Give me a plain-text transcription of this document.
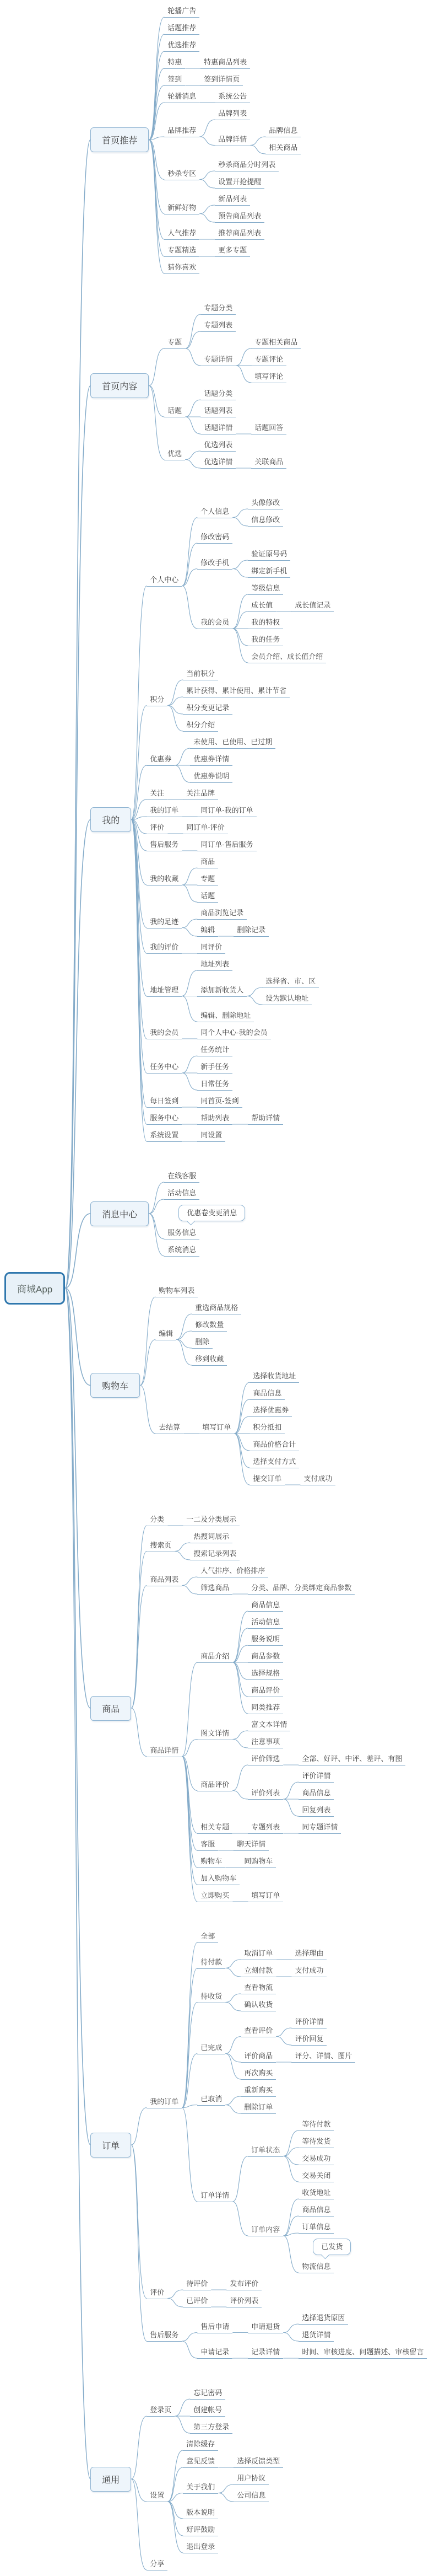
商城App
首页推荐
轮播广告
话题推荐
优选推荐
特惠	特惠商品列表
签到	签到详情页
轮播消息	系统公告
品牌推荐
品牌列表
品牌详情
品牌信息
相关商品
秒杀专区
秒杀商品分时列表
设置开抢提醒
新鲜好物
新品列表
预告商品列表
人气推荐	推荐商品列表
专题精选	更多专题
猜你喜欢
首页内容
专题
专题分类
专题列表
专题详情
专题相关商品
专题评论
填写评论
话题
话题分类
话题列表
话题详情	话题回答
优选
优选列表
优选详情	关联商品
我的
个人中心
个人信息
头像修改
信息修改
修改密码
修改手机
验证原号码
绑定新手机
我的会员
等级信息
成长值	成长值记录
我的特权
我的任务
会员介绍、成长值介绍
积分
当前积分
累计获得、累计使用、累计节省
积分变更记录
积分介绍
优惠券
未使用、已使用、已过期
优惠券详情
优惠券说明
关注	关注品牌
我的订单	同订单-我的订单
评价	同订单-评价
售后服务	同订单-售后服务
我的收藏
商品
专题
话题
我的足迹
商品浏览记录
编辑	删除记录
我的评价	同评价
地址管理
地址列表
添加新收货人
选择省、市、区
设为默认地址
编辑、删除地址
我的会员	同个人中心-我的会员
任务中心
任务统计
新手任务
日常任务
每日签到	同首页-签到
服务中心	帮助列表	帮助详情
系统设置	同设置
消息中心
在线客服
活动信息
优惠卷变更消息
服务信息
系统消息
购物车
购物车列表
编辑
重选商品规格
修改数量
删除
移到收藏
去结算	填写订单
选择收货地址
商品信息
选择优惠券
积分抵扣
商品价格合计
选择支付方式
提交订单	支付成功
商品
分类	一二及分类展示
搜索页
热搜词展示
搜索记录列表
商品列表
人气排序、价格排序
筛选商品	分类、品牌、分类绑定商品参数
商品详情
商品介绍
商品信息
活动信息
服务说明
商品参数
选择规格
商品评价
同类推荐
图文详情
富文本详情
注意事项
商品评价
评价筛选	全部、好评、中评、差评、有图
评价列表
评价详情
商品信息
回复列表
相关专题	专题列表	同专题详情
客服	聊天详情
购物车	同购物车
加入购物车
立即购买	填写订单
订单
我的订单
全部
待付款
取消订单	选择理由
立刻付款	支付成功
待收货
查看物流
确认收货
已完成
查看评价
评价详情
评价回复
评价商品	评分、详情、图片
再次购买
已取消
重新购买
删除订单
订单详情
订单状态
等待付款
等待发货
交易成功
交易关闭
订单内容
收货地址
商品信息
订单信息
已发货
物流信息
评价
待评价	发布评价
已评价	评价列表
售后服务
售后申请	申请退货
选择退货原因
退货详情
申请记录	记录详情	时间、审核进度、问题描述、审核留言
通用
登录页
忘记密码
创建帐号
第三方登录
设置
清除缓存
意见反馈	选择反馈类型
关于我们
用户协议
公司信息
版本说明
好评鼓励
退出登录
分享
